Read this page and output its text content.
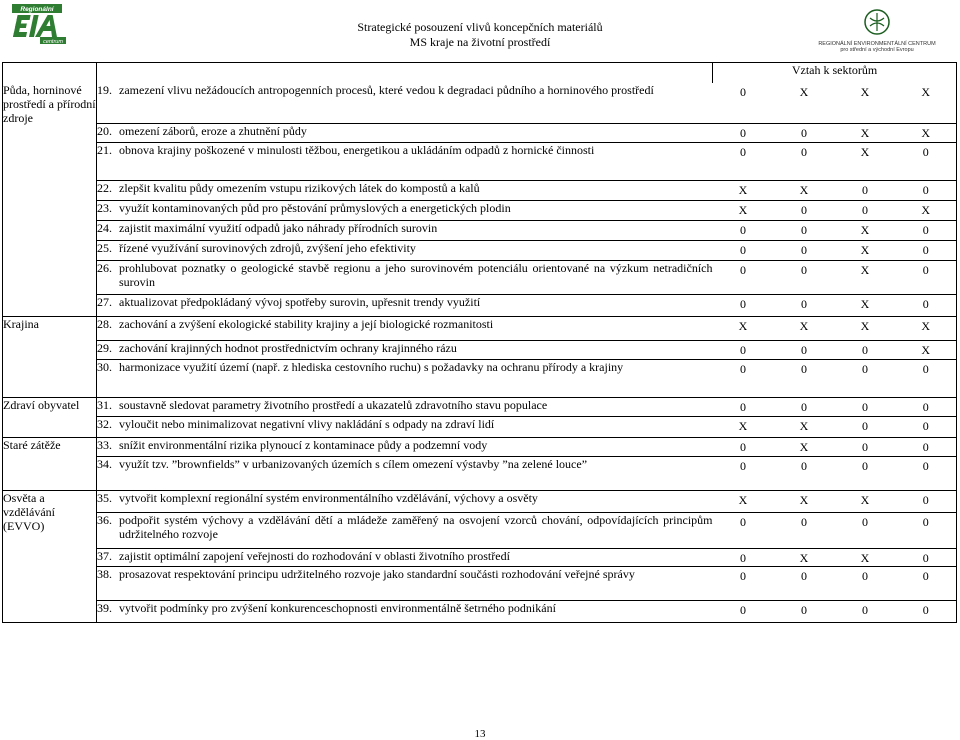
Regionální
centrum
Strategické posouzení vlivů koncepčních materiálů
MS kraje na životní prostředí	REGIONÁLNÍ ENVIRONMENTÁLNÍ CENTRUM
pro střední a východní Evropu
		Vztah k sektorům			
Půda, horninové prostředí a přírodní zdroje	19. zamezení vlivu nežádoucích antropogenních procesů, které vedou k degradaci půdního a horninového prostředí	0	X	X	X

	20. omezení záborů, eroze a zhutnění půdy	0	0	X	X

	21. obnova krajiny poškozené v minulosti těžbou, energetikou a ukládáním odpadů z hornické činnosti	0	0	X	0

	22. zlepšit kvalitu půdy omezením vstupu rizikových látek do kompostů a kalů	X	X	0	0

	23. využít kontaminovaných půd pro pěstování průmyslových a energetických plodin	X	0	0	X

	24. zajistit maximální využití odpadů jako náhrady přírodních surovin	0	0	X	0

	25. řízené využívání surovinových zdrojů, zvýšení jeho efektivity	0	0	X	0

	26. prohlubovat poznatky o geologické stavbě regionu a jeho surovinovém potenciálu orientované na výzkum netradičních surovin	0	0	X	0

	27. aktualizovat předpokládaný vývoj spotřeby surovin, upřesnit trendy využití	0	0	X	0
Krajina	28. zachování a zvýšení ekologické stability krajiny a její biologické rozmanitosti	X	X	X	X

	29. zachování krajinných hodnot prostřednictvím ochrany krajinného rázu	0	0	0	X

	30. harmonizace využití území (např. z hlediska cestovního ruchu) s požadavky na ochranu přírody a krajiny	0	0	0	0
Zdraví obyvatel	31. soustavně sledovat parametry životního prostředí a ukazatelů zdravotního stavu populace	0	0	0	0

	32. vyloučit nebo minimalizovat negativní vlivy nakládání s odpady na zdraví lidí	X	X	0	0
Staré zátěže	33. snížit environmentální rizika plynoucí z kontaminace půdy a podzemní vody	0	X	0	0

	34. využít tzv. ”brownfields” v urbanizovaných územích s cílem omezení výstavby ”na zelené louce”	0	0	0	0
Osvěta a vzdělávání (EVVO)	35. vytvořit komplexní regionální systém environmentálního vzdělávání, výchovy a osvěty	X	X	X	0

	36. podpořit systém výchovy a vzdělávání dětí a mládeže zaměřený na osvojení vzorců chování, odpovídajících principům udržitelného rozvoje	0	0	0	0

	37. zajistit optimální zapojení veřejnosti do rozhodování v oblasti životního prostředí	0	X	X	0

	38. prosazovat respektování principu udržitelného rozvoje jako standardní součásti rozhodování veřejné správy	0	0	0	0

	39. vytvořit podmínky pro zvýšení konkurenceschopnosti environmentálně šetrného podnikání	0	0	0	0
13
